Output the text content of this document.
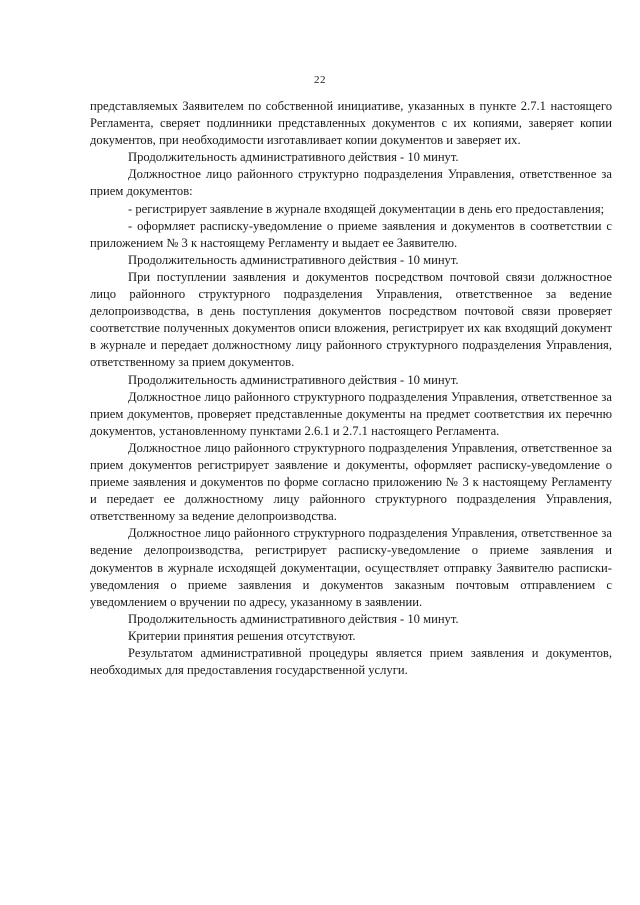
22

представляемых Заявителем по собственной инициативе, указанных в пункте 2.7.1 настоящего Регламента, сверяет подлинники представленных документов с их копиями, заверяет копии документов, при необходимости изготавливает копии документов и заверяет их.

Продолжительность административного действия - 10 минут.

Должностное лицо районного структурно подразделения Управления, ответственное за прием документов:

- регистрирует заявление в журнале входящей документации в день его предоставления;

- оформляет расписку-уведомление о приеме заявления и документов в соответствии с приложением № 3 к настоящему Регламенту и выдает ее Заявителю.

Продолжительность административного действия - 10 минут.

При поступлении заявления и документов посредством почтовой связи должностное лицо районного структурного подразделения Управления, ответственное за ведение делопроизводства, в день поступления документов посредством почтовой связи проверяет соответствие полученных документов описи вложения, регистрирует их как входящий документ в журнале и передает должностному лицу районного структурного подразделения Управления, ответственному за прием документов.

Продолжительность административного действия - 10 минут.

Должностное лицо районного структурного подразделения Управления, ответственное за прием документов, проверяет представленные документы на предмет соответствия их перечню документов, установленному пунктами 2.6.1 и 2.7.1 настоящего Регламента.

Должностное лицо районного структурного подразделения Управления, ответственное за прием документов регистрирует заявление и документы, оформляет расписку-уведомление о приеме заявления и документов по форме согласно приложению № 3 к настоящему Регламенту и передает ее должностному лицу районного структурного подразделения Управления, ответственному за ведение делопроизводства.

Должностное лицо районного структурного подразделения Управления, ответственное за ведение делопроизводства, регистрирует расписку-уведомление о приеме заявления и документов в журнале исходящей документации, осуществляет отправку Заявителю расписки-уведомления о приеме заявления и документов заказным почтовым отправлением с уведомлением о вручении по адресу, указанному в заявлении.

Продолжительность административного действия - 10 минут.

Критерии принятия решения отсутствуют.

Результатом административной процедуры является прием заявления и документов, необходимых для предоставления государственной услуги.
